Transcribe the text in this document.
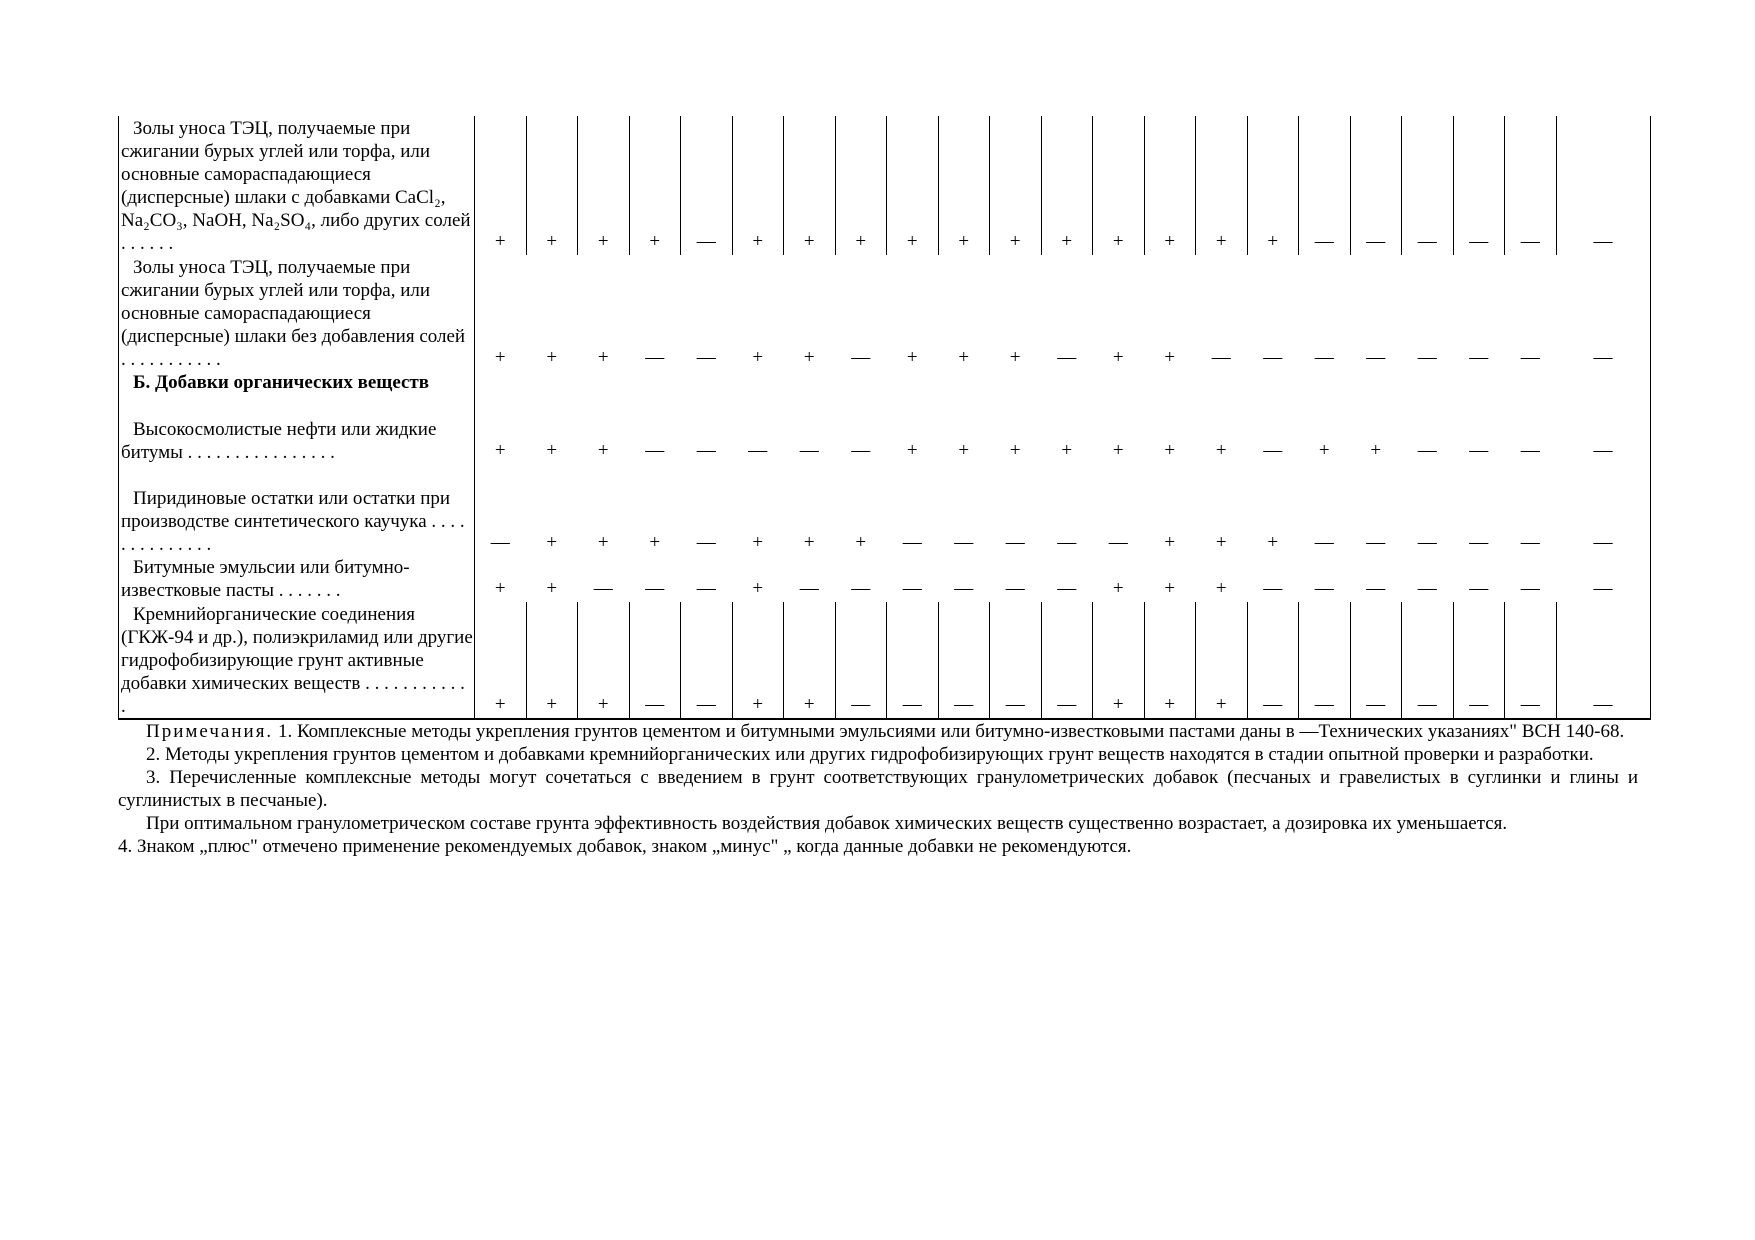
Золы уноса ТЭЦ, получаемые при сжигании бурых углей или торфа, или основные самораспадающиеся (дисперсные) шлаки с добавками CaCl₂, Na₂CO₃, NaOH, Na₂SO₄, либо других солей . . . . . .	+	+	+	+	—	+	+	+	+	+	+	+	+	+	+	+	—	—	—	—	—	—
Золы уноса ТЭЦ, получаемые при сжигании бурых углей или торфа, или основные самораспадающиеся (дисперсные) шлаки без добавления солей . . . . . . . . . . .	+	+	+	—	—	+	+	—	+	+	+	—	+	+	—	—	—	—	—	—	—	—
Б. Добавки органических веществ																						
Высокосмолистые нефти или жидкие битумы . . . . . . . . . . . . . . . .	+	+	+	—	—	—	—	—	+	+	+	+	+	+	+	—	+	+	—	—	—	—
Пиридиновые остатки или остатки при производстве синтетического каучука . . . . . . . . . . . . . .	—	+	+	+	—	+	+	+	—	—	—	—	—	+	+	+	—	—	—	—	—	—
Битумные эмульсии или битумно-известковые пасты . . . . . . .	+	+	—	—	—	+	—	—	—	—	—	—	+	+	+	—	—	—	—	—	—	—
Кремнийорганические соединения (ГКЖ-94 и др.), полиэкриламид или другие гидрофобизирующие грунт активные добавки химических веществ . . . . . . . . . . . .	+	+	+	—	—	+	+	—	—	—	—	—	+	+	+	—	—	—	—	—	—	—

Примечания. 1. Комплексные методы укрепления грунтов цементом и битумными эмульсиями или битумно-известковыми пастами даны в —Технических указаниях" ВСН 140-68.

2. Методы укрепления грунтов цементом и добавками кремнийорганических или других гидрофобизирующих грунт веществ находятся в стадии опытной проверки и разработки.

3. Перечисленные комплексные методы могут сочетаться с введением в грунт соответствующих гранулометрических добавок (песчаных и гравелистых в суглинки и глины и суглинистых в песчаные).

При оптимальном гранулометрическом составе грунта эффективность воздействия добавок химических веществ существенно возрастает, а дозировка их уменьшается.

4. Знаком „плюс" отмечено применение рекомендуемых добавок, знаком „минус" „ когда данные добавки не рекомендуются.
